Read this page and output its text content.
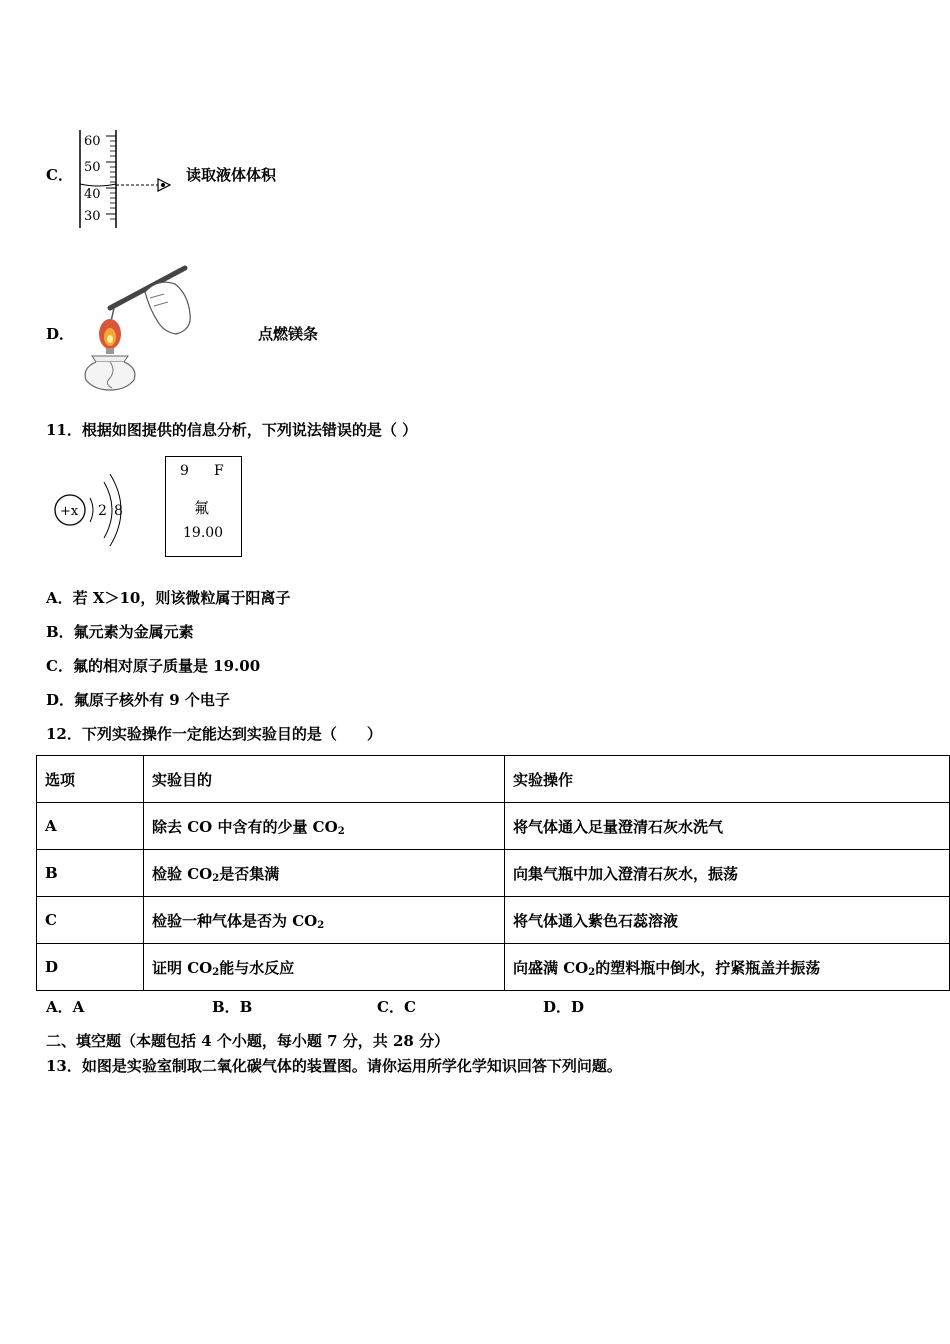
C．
60
50
40
30
读取液体体积
D．	点燃镁条
11．根据如图提供的信息分析，下列说法错误的是（ ）
+x 2 8
9 F
氟
19.00
A．若 X＞10，则该微粒属于阳离子
B．氟元素为金属元素
C．氟的相对原子质量是 19.00
D．氟原子核外有 9 个电子
12．下列实验操作一定能达到实验目的是（　　）
选项	实验目的	实验操作
A	除去 CO 中含有的少量 $CO_2$	将气体通入足量澄清石灰水洗气
B	检验 $CO_2$是否集满	向集气瓶中加入澄清石灰水，振荡
C	检验一种气体是否为 $CO_2$	将气体通入紫色石蕊溶液
D	证明 $CO_2$能与水反应	向盛满 $CO_2$的塑料瓶中倒水，拧紧瓶盖并振荡
A．A	B．B	C．C	D．D
二、填空题（本题包括 4 个小题，每小题 7 分，共 28 分）
13．如图是实验室制取二氧化碳气体的装置图。请你运用所学化学知识回答下列问题。
